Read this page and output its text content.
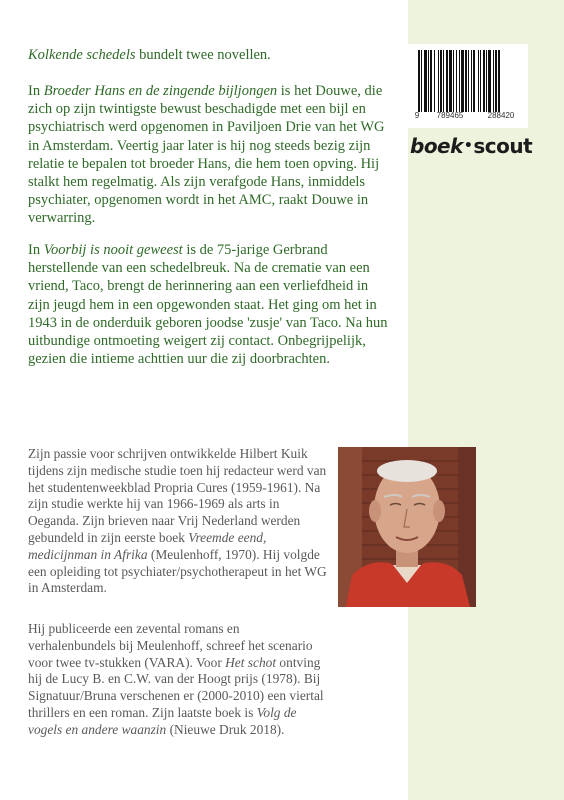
9	789465	288420
boek•scout

Kolkende schedels bundelt twee novellen.

In Broeder Hans en de zingende bijljongen is het Douwe, die zich op zijn twintigste bewust beschadigde met een bijl en psychiatrisch werd opgenomen in Paviljoen Drie van het WG in Amsterdam. Veertig jaar later is hij nog steeds bezig zijn relatie te bepalen tot broeder Hans, die hem toen opving. Hij stalkt hem regelmatig. Als zijn verafgode Hans, inmiddels psychiater, opgenomen wordt in het AMC, raakt Douwe in verwarring.

In Voorbij is nooit geweest is de 75-jarige Gerbrand herstellende van een schedelbreuk. Na de crematie van een vriend, Taco, brengt de herinnering aan een verliefdheid in zijn jeugd hem in een opgewonden staat. Het ging om het in 1943 in de onderduik geboren joodse 'zusje' van Taco. Na hun uitbundige ontmoeting weigert zij contact. Onbegrijpelijk, gezien die intieme achttien uur die zij doorbrachten.

Zijn passie voor schrijven ontwikkelde Hilbert Kuik tijdens zijn medische studie toen hij redacteur werd van het studentenweekblad Propria Cures (1959-1961). Na zijn studie werkte hij van 1966-1969 als arts in Oeganda. Zijn brieven naar Vrij Nederland werden gebundeld in zijn eerste boek Vreemde eend, medicijnman in Afrika (Meulenhoff, 1970). Hij volgde een opleiding tot psychiater/psychotherapeut in het WG in Amsterdam.

Hij publiceerde een zevental romans en verhalenbundels bij Meulenhoff, schreef het scenario voor twee tv-stukken (VARA). Voor Het schot ontving hij de Lucy B. en C.W. van der Hoogt prijs (1978). Bij Signatuur/Bruna verschenen er (2000-2010) een viertal thrillers en een roman. Zijn laatste boek is Volg de vogels en andere waanzin (Nieuwe Druk 2018).
